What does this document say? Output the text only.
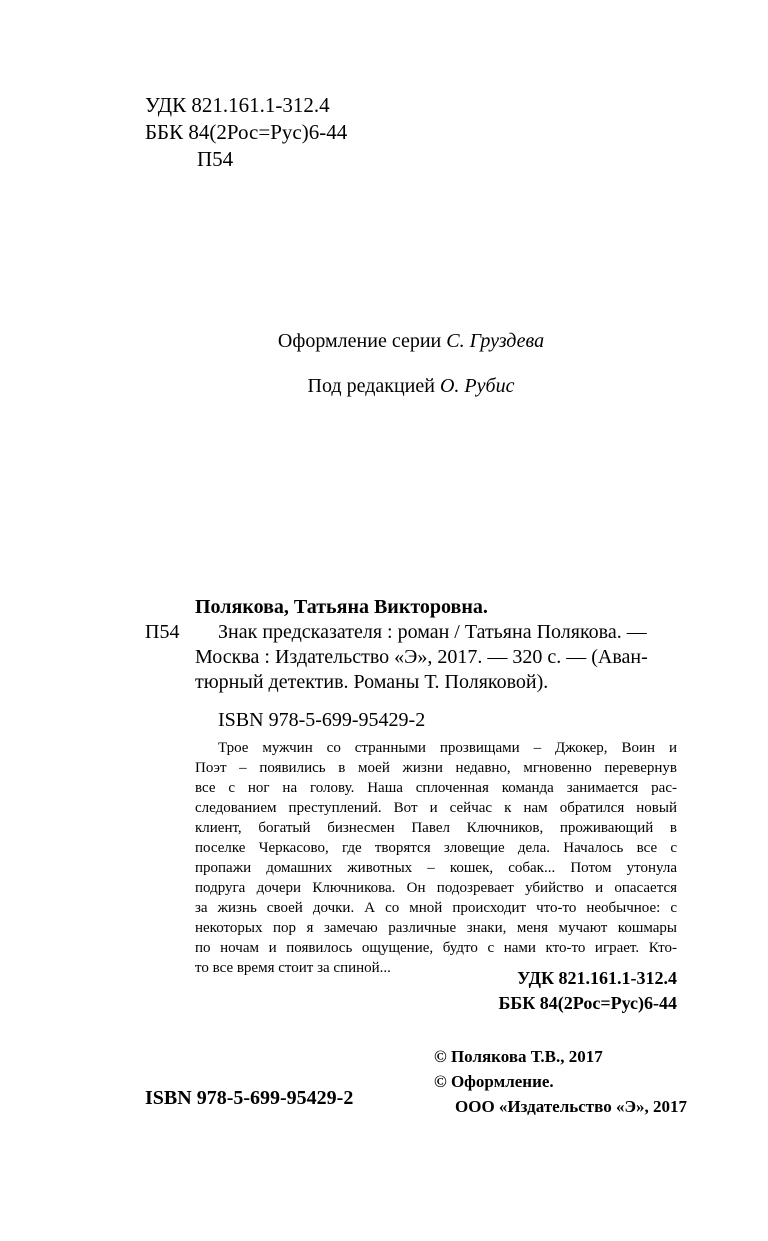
УДК 821.161.1-312.4
ББК 84(2Рос=Рус)6-44
П54
Оформление серии С. Груздева
Под редакцией О. Рубис
Полякова, Татьяна Викторовна.
П54	Знак предсказателя : роман / Татьяна Полякова. —
Москва : Издательство «Э», 2017. — 320 с. — (Аван-
тюрный детектив. Романы Т. Поляковой).
ISBN 978-5-699-95429-2
Трое мужчин со странными прозвищами – Джокер, Воин и
Поэт – появились в моей жизни недавно, мгновенно перевернув
все с ног на голову. Наша сплоченная команда занимается рас-
следованием преступлений. Вот и сейчас к нам обратился новый
клиент, богатый бизнесмен Павел Ключников, проживающий в
поселке Черкасово, где творятся зловещие дела. Началось все с
пропажи домашних животных – кошек, собак... Потом утонула
подруга дочери Ключникова. Он подозревает убийство и опасается
за жизнь своей дочки. А со мной происходит что-то необычное: с
некоторых пор я замечаю различные знаки, меня мучают кошмары
по ночам и появилось ощущение, будто с нами кто-то играет. Кто-
то все время стоит за спиной...	УДК 821.161.1-312.4
ББК 84(2Рос=Рус)6-44
© Полякова Т.В., 2017
© Оформление.
ООО «Издательство «Э», 2017
ISBN 978-5-699-95429-2
